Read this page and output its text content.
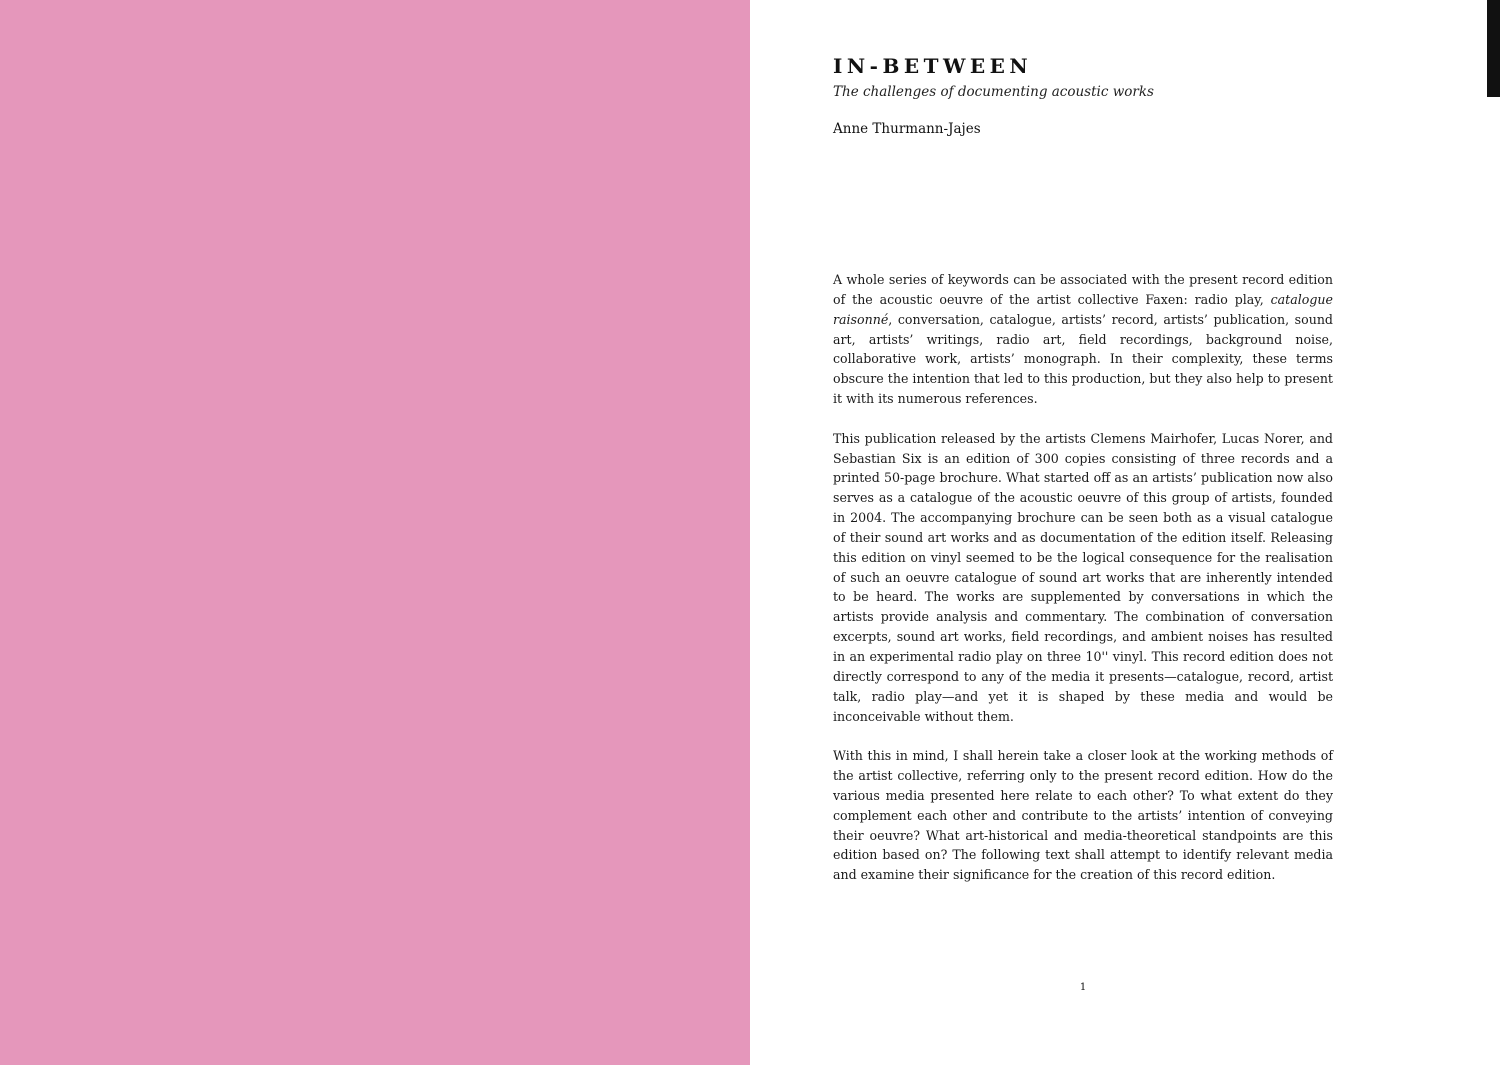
IN-BETWEEN

The challenges of documenting acoustic works

Anne Thurmann-Jajes

A whole series of keywords can be associated with the present record edition of the acoustic oeuvre of the artist collective Faxen: radio play, catalogue raisonné, conversation, catalogue, artists’ record, artists’ publication, sound art, artists’ writings, radio art, field recordings, background noise, collaborative work, artists’ monograph. In their complexity, these terms obscure the intention that led to this production, but they also help to present it with its numerous references.

This publication released by the artists Clemens Mairhofer, Lucas Norer, and Sebastian Six is an edition of 300 copies consisting of three records and a printed 50-page brochure. What started off as an artists’ publication now also serves as a catalogue of the acoustic oeuvre of this group of artists, founded in 2004. The accompanying brochure can be seen both as a visual catalogue of their sound art works and as documentation of the edition itself. Releasing this edition on vinyl seemed to be the logical consequence for the realisation of such an oeuvre catalogue of sound art works that are inherently intended to be heard. The works are supplemented by conversations in which the artists provide analysis and commentary. The combination of conversation excerpts, sound art works, field recordings, and ambient noises has resulted in an experimental radio play on three 10'' vinyl. This record edition does not directly correspond to any of the media it presents—catalogue, record, artist talk, radio play—and yet it is shaped by these media and would be inconceivable without them.

With this in mind, I shall herein take a closer look at the working methods of the artist collective, referring only to the present record edition. How do the various media presented here relate to each other? To what extent do they complement each other and contribute to the artists’ intention of conveying their oeuvre? What art-historical and media-theoretical standpoints are this edition based on? The following text shall attempt to identify relevant media and examine their significance for the creation of this record edition.

1
